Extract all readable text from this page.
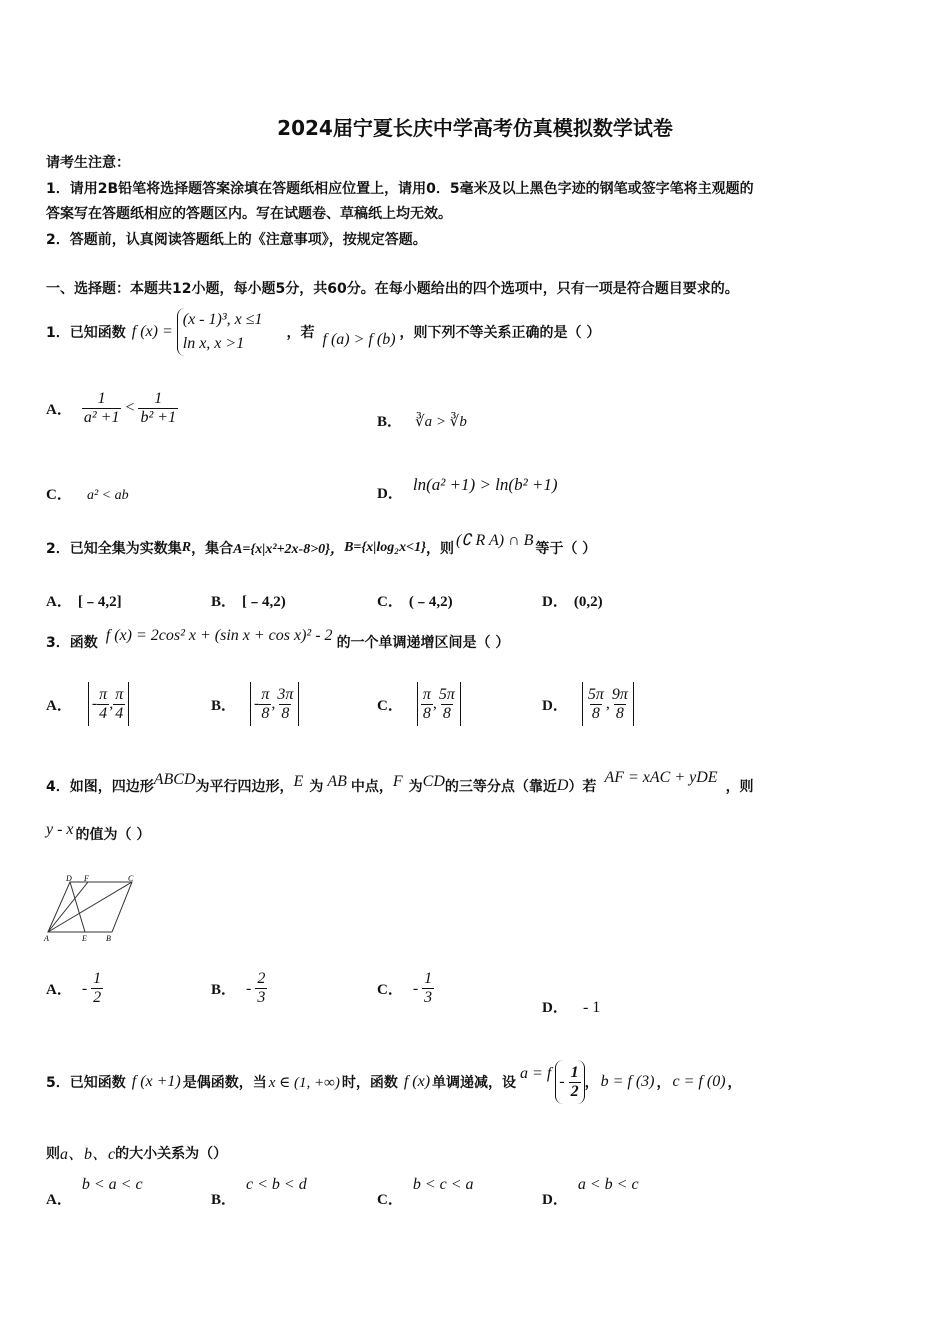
2024届宁夏长庆中学高考仿真模拟数学试卷
请考生注意：
1．请用2B铅笔将选择题答案涂填在答题纸相应位置上，请用0．5毫米及以上黑色字迹的钢笔或签字笔将主观题的
答案写在答题纸相应的答题区内。写在试题卷、草稿纸上均无效。
2．答题前，认真阅读答题纸上的《注意事项》，按规定答题。
一、选择题：本题共12小题，每小题5分，共60分。在每小题给出的四个选项中，只有一项是符合题目要求的。
1．已知函数 f (x) =
(x - 1)³, x ≤1
ln x, x >1
，若 f (a) > f (b) ，则下列不等关系正确的是（ ）
A． $\frac{1}{\text{a² +1}} < \frac{1}{\text{b² +1}}$	B． ∛a > ∛b
C． a² < ab	D．
ln(a² +1) > ln(b² +1)
2．已知全集为实数集 R ，集合 A={x|x²+2x-8>0}， B={x|log₂x<1} ，则 (∁ R A) ∩ B 等于（ ）
A． [﹣4,2]	B． [﹣4,2)	C． (﹣4,2)	D． (0,2)
3．函数 f (x) = 2cos² x + (sin x + cos x)² - 2 的一个单调递增区间是（ ）
A． - $\frac{\pi}{4}$ , $\frac{\pi}{4}$	B． - $\frac{\pi}{8}$ , $\frac{3\pi}{8}$	C． $\frac{\pi}{8}$ , $\frac{5\pi}{8}$	D． $\frac{5\pi}{8}$ , $\frac{9\pi}{8}$
4．如图，四边形 ABCD 为平行四边形， E 为 AB 中点， F 为 CD 的三等分点（靠近 D ）若
AF = xAC + yDE
，则
y - x 的值为（ ）
D F	C
A	E B
A． - $\frac{1}{2}$	B． - $\frac{2}{3}$	C． - $\frac{1}{3}$
D． - 1
5．已知函数 f (x +1) 是偶函数，当 x ∈ (1, +∞) 时，函数 f (x) 单调递减，设
$a = f - \frac{1}{2}$ ， b = f (3) ， c = f (0) ，
则 a、b、c 的大小关系为（）
A．
b < a < c
B．
c < b < d
C．
b < c < a
D．
a < b < c
